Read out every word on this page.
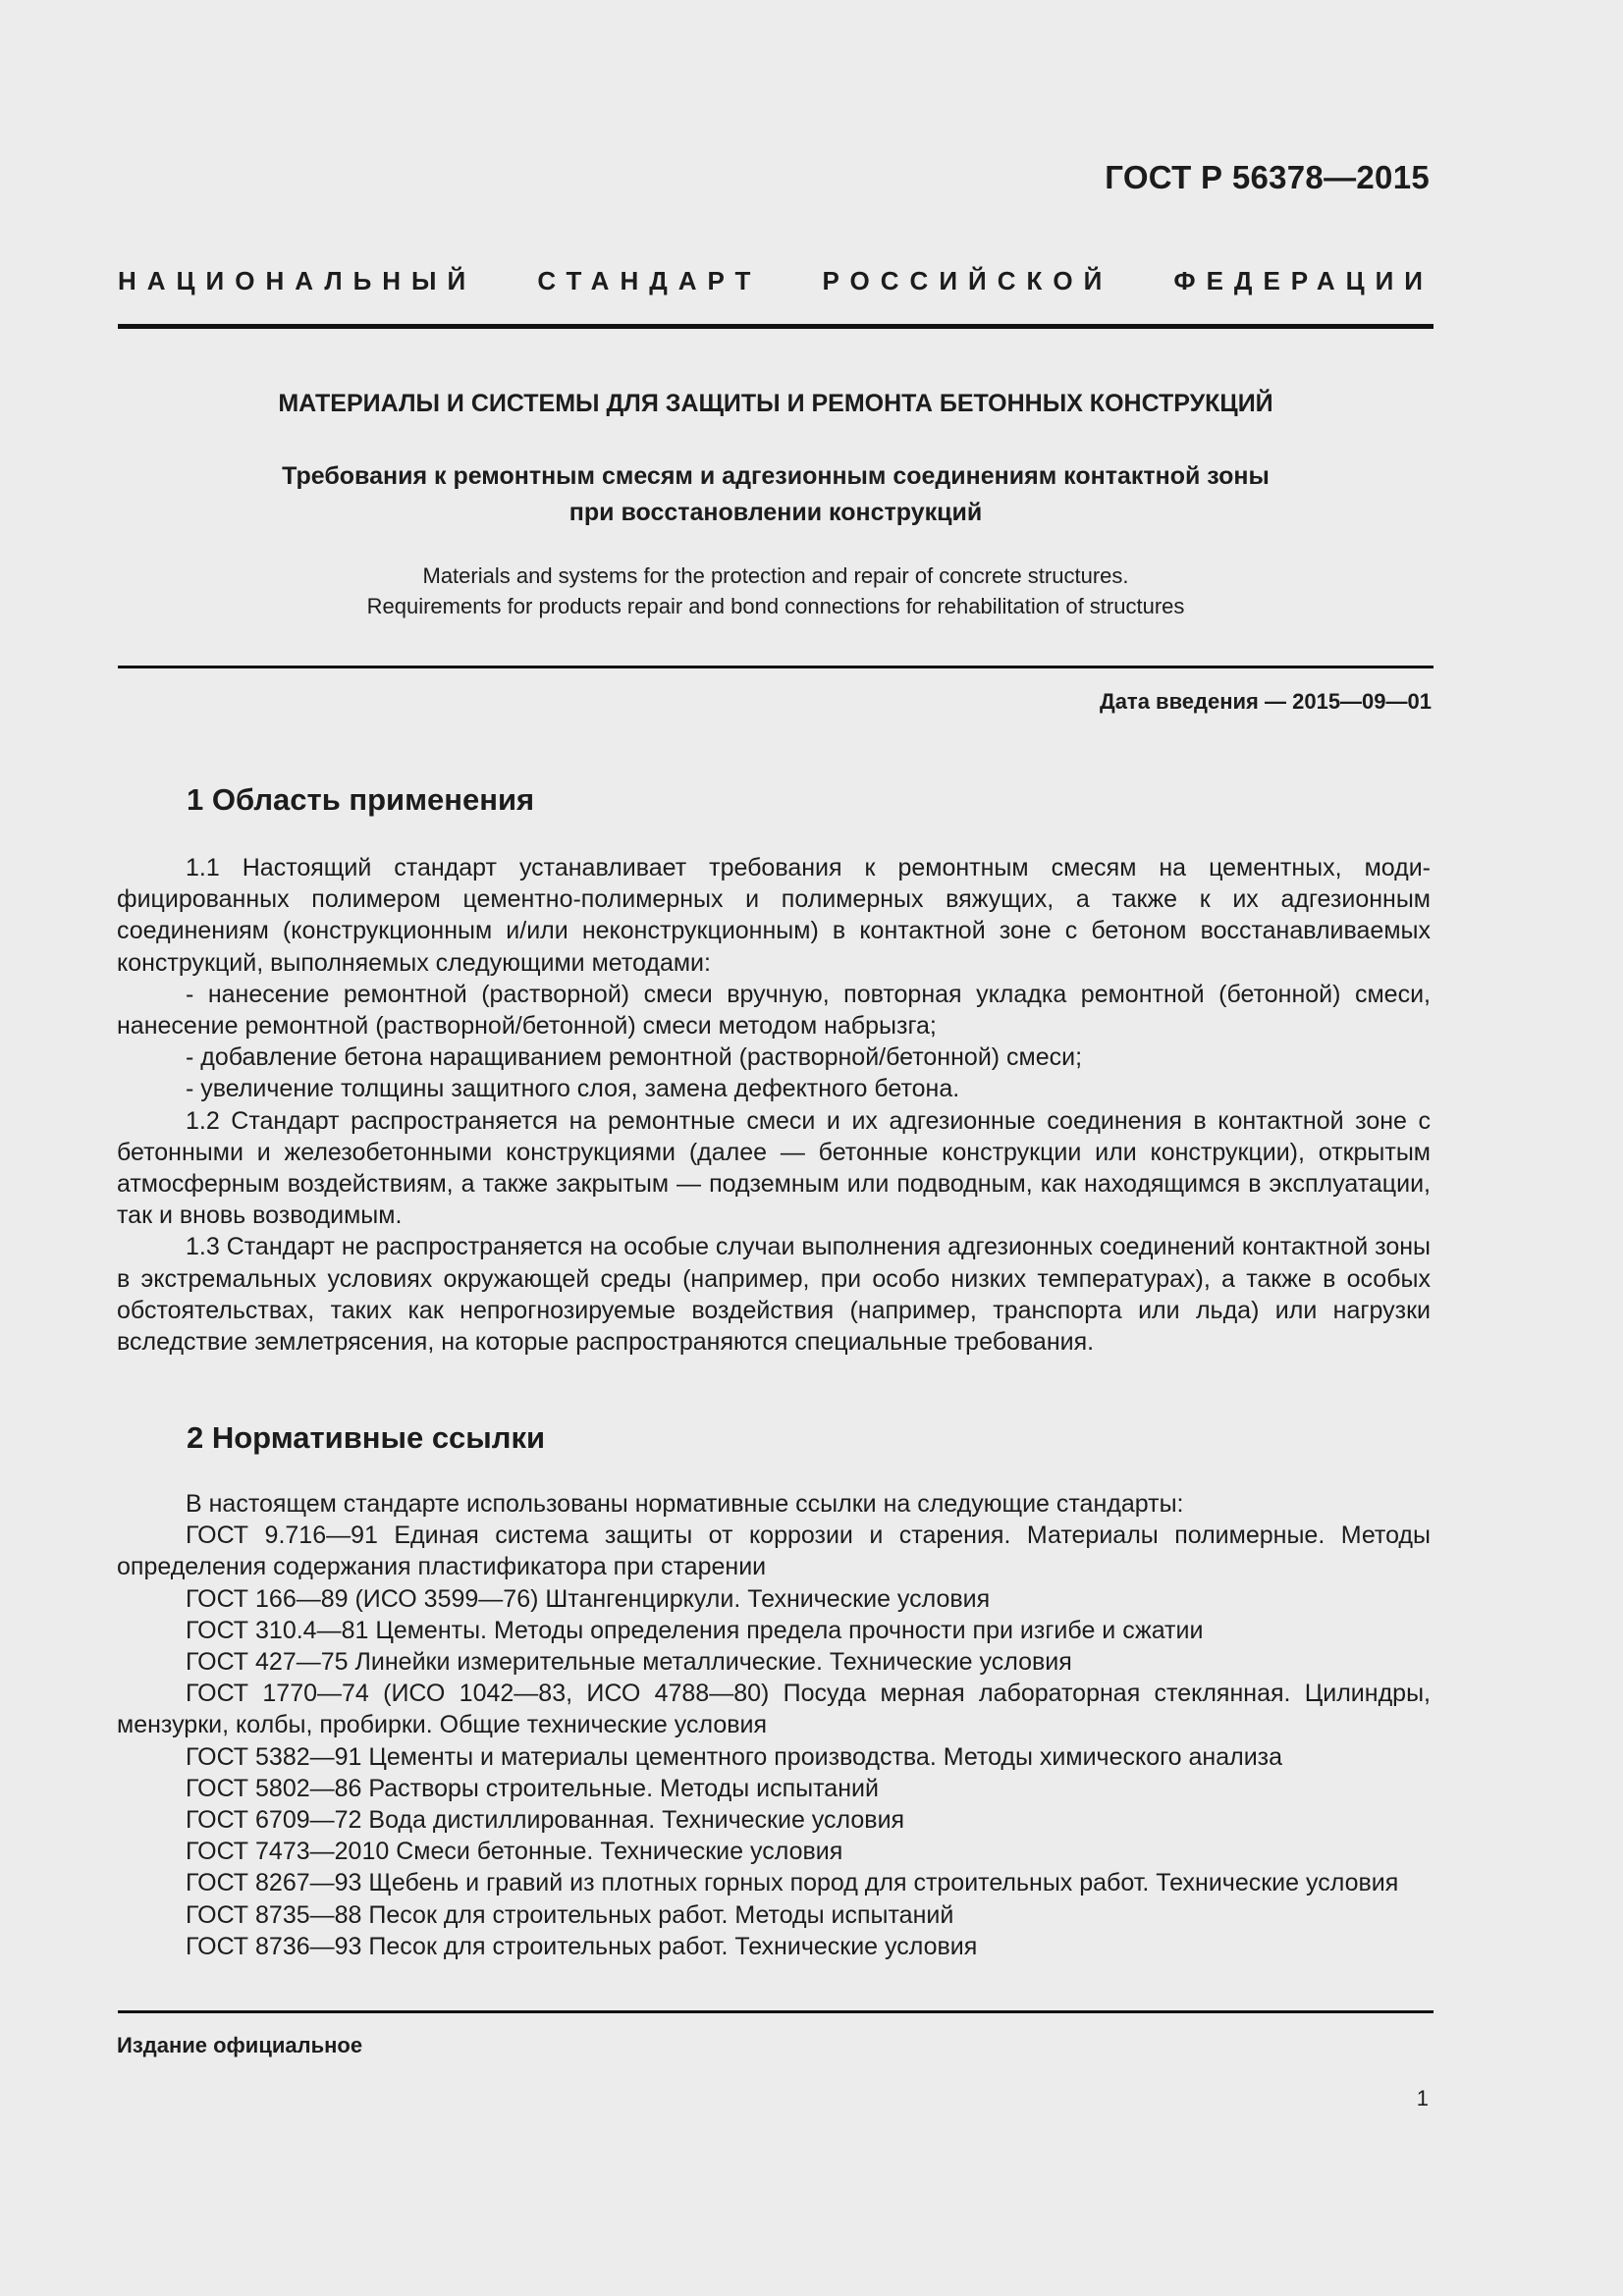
ГОСТ Р 56378—2015
НАЦИОНАЛЬНЫЙ СТАНДАРТ РОССИЙСКОЙ ФЕДЕРАЦИИ
МАТЕРИАЛЫ И СИСТЕМЫ ДЛЯ ЗАЩИТЫ И РЕМОНТА БЕТОННЫХ КОНСТРУКЦИЙ
Требования к ремонтным смесям и адгезионным соединениям контактной зоны
при восстановлении конструкций
Materials and systems for the protection and repair of concrete structures.
Requirements for products repair and bond connections for rehabilitation of structures
Дата введения — 2015—09—01
1 Область применения

1.1 Настоящий стандарт устанавливает требования к ремонтным смесям на цементных, модифицированных полимером цементно-полимерных и полимерных вяжущих, а также к их адгезионным соединениям (конструкционным и/или неконструкционным) в контактной зоне с бетоном восстанавливаемых конструкций, выполняемых следующими методами:

- нанесение ремонтной (растворной) смеси вручную, повторная укладка ремонтной (бетонной) смеси, нанесение ремонтной (растворной/бетонной) смеси методом набрызга;

- добавление бетона наращиванием ремонтной (растворной/бетонной) смеси;

- увеличение толщины защитного слоя, замена дефектного бетона.

1.2 Стандарт распространяется на ремонтные смеси и их адгезионные соединения в контактной зоне с бетонными и железобетонными конструкциями (далее — бетонные конструкции или конструкции), открытым атмосферным воздействиям, а также закрытым — подземным или подводным, как находящимся в эксплуатации, так и вновь возводимым.

1.3 Стандарт не распространяется на особые случаи выполнения адгезионных соединений контактной зоны в экстремальных условиях окружающей среды (например, при особо низких температурах), а также в особых обстоятельствах, таких как непрогнозируемые воздействия (например, транспорта или льда) или нагрузки вследствие землетрясения, на которые распространяются специальные требования.

2 Нормативные ссылки

В настоящем стандарте использованы нормативные ссылки на следующие стандарты:

ГОСТ 9.716—91 Единая система защиты от коррозии и старения. Материалы полимерные. Методы определения содержания пластификатора при старении

ГОСТ 166—89 (ИСО 3599—76) Штангенциркули. Технические условия

ГОСТ 310.4—81 Цементы. Методы определения предела прочности при изгибе и сжатии

ГОСТ 427—75 Линейки измерительные металлические. Технические условия

ГОСТ 1770—74 (ИСО 1042—83, ИСО 4788—80) Посуда мерная лабораторная стеклянная. Цилиндры, мензурки, колбы, пробирки. Общие технические условия

ГОСТ 5382—91 Цементы и материалы цементного производства. Методы химического анализа

ГОСТ 5802—86 Растворы строительные. Методы испытаний

ГОСТ 6709—72 Вода дистиллированная. Технические условия

ГОСТ 7473—2010 Смеси бетонные. Технические условия

ГОСТ 8267—93 Щебень и гравий из плотных горных пород для строительных работ. Технические условия

ГОСТ 8735—88 Песок для строительных работ. Методы испытаний

ГОСТ 8736—93 Песок для строительных работ. Технические условия

Издание официальное
1
